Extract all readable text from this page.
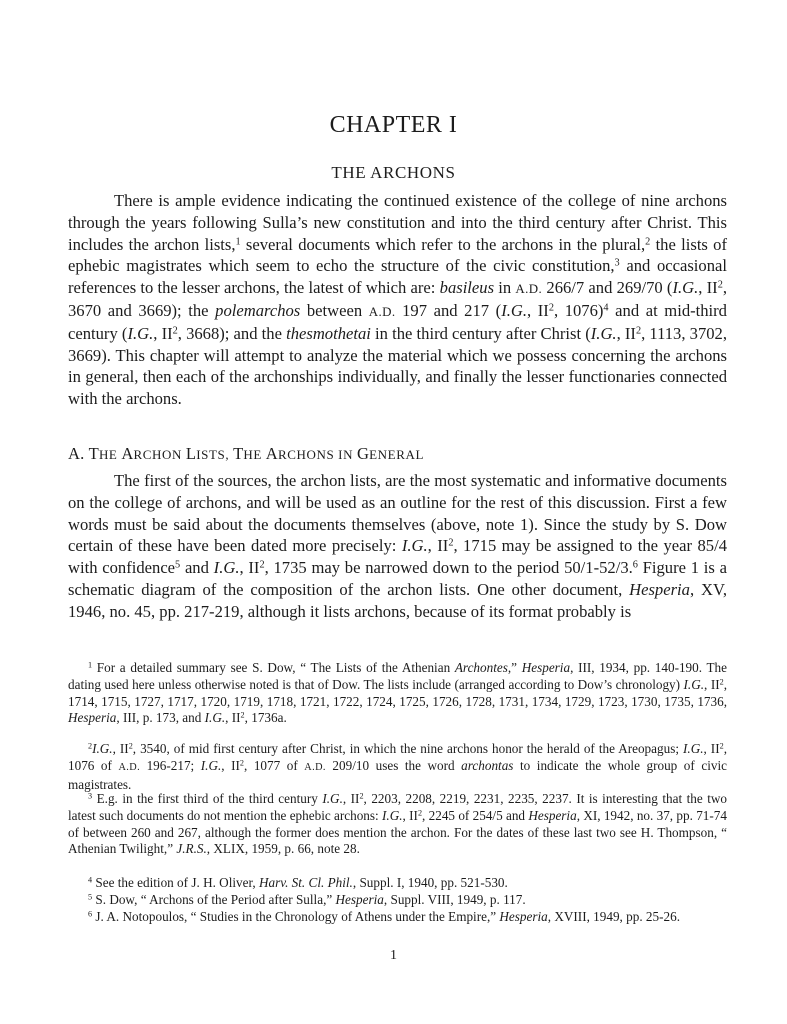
CHAPTER I
THE ARCHONS

There is ample evidence indicating the continued existence of the college of nine archons through the years following Sulla’s new constitution and into the third century after Christ. This includes the archon lists,$^1$ several documents which refer to the archons in the plural,$^2$ the lists of ephebic magistrates which seem to echo the structure of the civic constitution,$^3$ and occasional references to the lesser archons, the latest of which are: basileus in A.D. 266/7 and 269/70 (I.G., $II^2$, 3670 and 3669); the polemarchos between A.D. 197 and 217 (I.G., $II^2$, 1076)$^4$ and at mid-third century (I.G., $II^2$, 3668); and the thesmothetai in the third century after Christ (I.G., $II^2$, 1113, 3702, 3669). This chapter will attempt to analyze the material which we possess concerning the archons in general, then each of the archonships individually, and finally the lesser functionaries connected with the archons.

A. THE ARCHON LISTS, THE ARCHONS IN GENERAL

The first of the sources, the archon lists, are the most systematic and informative documents on the college of archons, and will be used as an outline for the rest of this discussion. First a few words must be said about the documents themselves (above, note 1). Since the study by S. Dow certain of these have been dated more precisely: I.G., $II^2$, 1715 may be assigned to the year 85/4 with confidence$^5$ and I.G., $II^2$, 1735 may be narrowed down to the period 50/1-52/3.$^6$ Figure 1 is a schematic diagram of the composition of the archon lists. One other document, Hesperia, XV, 1946, no. 45, pp. 217-219, although it lists archons, because of its format probably is

$^1$ For a detailed summary see S. Dow, “ The Lists of the Athenian Archontes,” Hesperia, III, 1934, pp. 140-190. The dating used here unless otherwise noted is that of Dow. The lists include (arranged according to Dow’s chronology) I.G., $II^2$, 1714, 1715, 1727, 1717, 1720, 1719, 1718, 1721, 1722, 1724, 1725, 1726, 1728, 1731, 1734, 1729, 1723, 1730, 1735, 1736, Hesperia, III, p. 173, and I.G., $II^2$, 1736a.

$^2$I.G., $II^2$, 3540, of mid first century after Christ, in which the nine archons honor the herald of the Areopagus; I.G., $II^2$, 1076 of A.D. 196-217; I.G., $II^2$, 1077 of A.D. 209/10 uses the word archontas to indicate the whole group of civic magistrates.

$^3$ E.g. in the first third of the third century I.G., $II^2$, 2203, 2208, 2219, 2231, 2235, 2237. It is interesting that the two latest such documents do not mention the ephebic archons: I.G., $II^2$, 2245 of 254/5 and Hesperia, XI, 1942, no. 37, pp. 71-74 of between 260 and 267, although the former does mention the archon. For the dates of these last two see H. Thompson, “ Athenian Twilight,” J.R.S., XLIX, 1959, p. 66, note 28.

$^4$ See the edition of J. H. Oliver, Harv. St. Cl. Phil., Suppl. I, 1940, pp. 521-530.

$^5$ S. Dow, “ Archons of the Period after Sulla,” Hesperia, Suppl. VIII, 1949, p. 117.

$^6$ J. A. Notopoulos, “ Studies in the Chronology of Athens under the Empire,” Hesperia, XVIII, 1949, pp. 25-26.

1
